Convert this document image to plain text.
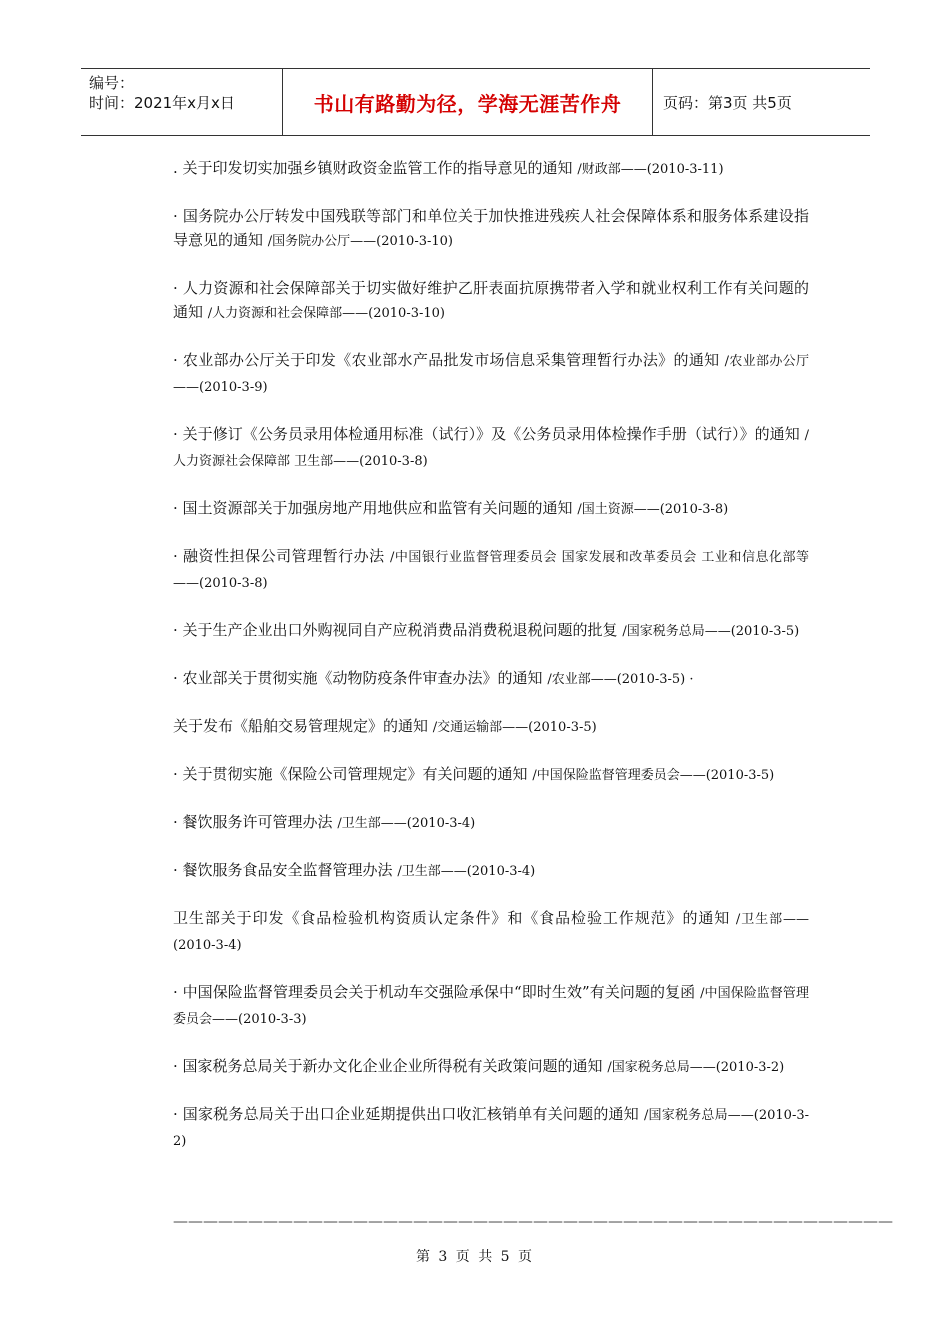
编号：
时间：2021年x月x日	书山有路勤为径，学海无涯苦作舟	页码：第3页 共5页

. 关于印发切实加强乡镇财政资金监管工作的指导意见的通知 /财政部——(2010-3-11)

· 国务院办公厅转发中国残联等部门和单位关于加快推进残疾人社会保障体系和服务体系建设指导意见的通知 /国务院办公厅——(2010-3-10)

· 人力资源和社会保障部关于切实做好维护乙肝表面抗原携带者入学和就业权利工作有关问题的通知 /人力资源和社会保障部——(2010-3-10)

· 农业部办公厅关于印发《农业部水产品批发市场信息采集管理暂行办法》的通知 /农业部办公厅——(2010-3-9)

· 关于修订《公务员录用体检通用标准（试行）》及《公务员录用体检操作手册（试行）》的通知 /人力资源社会保障部 卫生部——(2010-3-8)

· 国土资源部关于加强房地产用地供应和监管有关问题的通知 /国土资源——(2010-3-8)

· 融资性担保公司管理暂行办法 /中国银行业监督管理委员会 国家发展和改革委员会 工业和信息化部等——(2010-3-8)

· 关于生产企业出口外购视同自产应税消费品消费税退税问题的批复 /国家税务总局——(2010-3-5)

· 农业部关于贯彻实施《动物防疫条件审查办法》的通知 /农业部——(2010-3-5) ·

关于发布《船舶交易管理规定》的通知 /交通运输部——(2010-3-5)

· 关于贯彻实施《保险公司管理规定》有关问题的通知 /中国保险监督管理委员会——(2010-3-5)

· 餐饮服务许可管理办法 /卫生部——(2010-3-4)

· 餐饮服务食品安全监督管理办法 /卫生部——(2010-3-4)

卫生部关于印发《食品检验机构资质认定条件》和《食品检验工作规范》的通知 /卫生部——(2010-3-4)

· 中国保险监督管理委员会关于机动车交强险承保中“即时生效”有关问题的复函 /中国保险监督管理委员会——(2010-3-3)

· 国家税务总局关于新办文化企业企业所得税有关政策问题的通知 /国家税务总局——(2010-3-2)

· 国家税务总局关于出口企业延期提供出口收汇核销单有关问题的通知 /国家税务总局——(2010-3-2)

————————————————————————————————————————————————
第 3 页 共 5 页
